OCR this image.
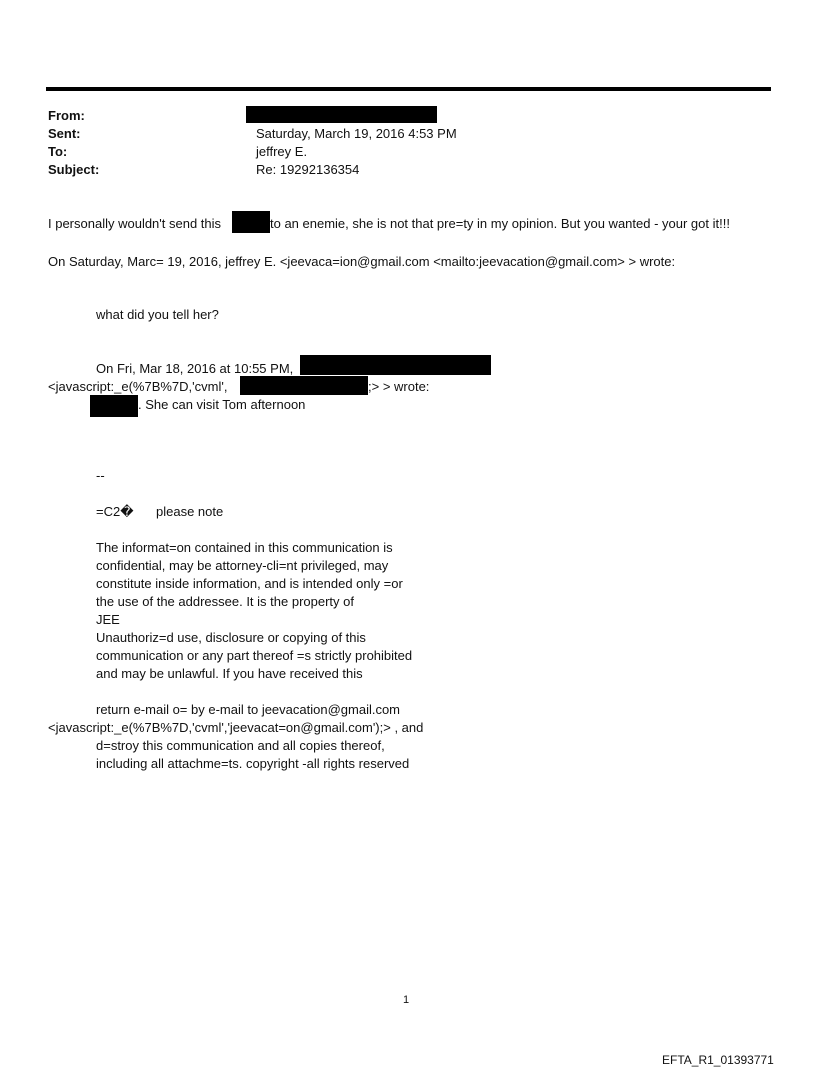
From:
Sent:
To:
Subject:
Saturday, March 19, 2016 4:53 PM
jeffrey E.
Re: 19292136354
I personally wouldn't send this	to an enemie, she is not that pre=ty in my opinion. But you wanted - your got it!!!
On Saturday, Marc= 19, 2016, jeffrey E. <jeevaca=ion@gmail.com <mailto:jeevacation@gmail.com> > wrote:
what did you tell her?
On Fri, Mar 18, 2016 at 10:55 PM,
<javascript:_e(%7B%7D,'cvml',	;> > wrote:
. She can visit Tom afternoon
--
=C2� please note
The informat=on contained in this communication is
confidential, may be attorney-cli=nt privileged, may
constitute inside information, and is intended only =or
the use of the addressee. It is the property of
JEE
Unauthoriz=d use, disclosure or copying of this
communication or any part thereof =s strictly prohibited
and may be unlawful. If you have received this
return e-mail o= by e-mail to jeevacation@gmail.com
<javascript:_e(%7B%7D,'cvml','jeevacat=on@gmail.com');> , and
d=stroy this communication and all copies thereof,
including all attachme=ts. copyright -all rights reserved
1
EFTA_R1_01393771
